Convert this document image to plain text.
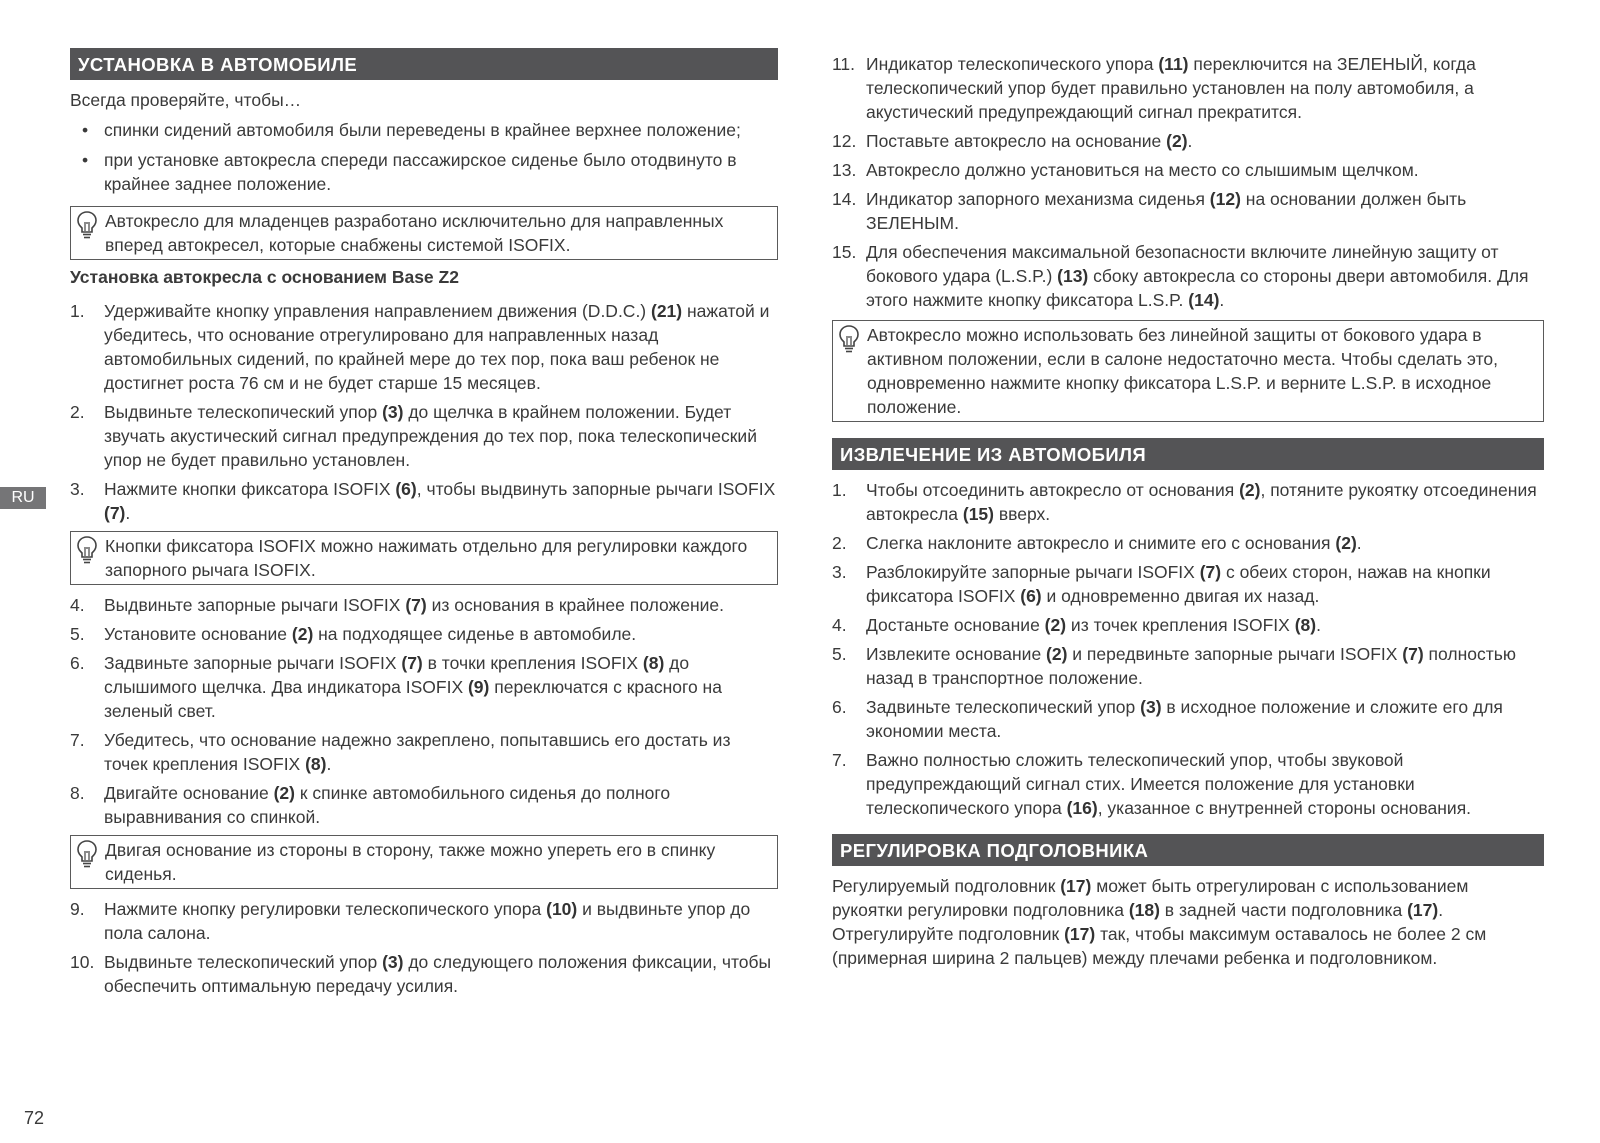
RU
72
УСТАНОВКА В АВТОМОБИЛЕ

Всегда проверяйте, чтобы…

• спинки сидений автомобиля были переведены в крайнее верхнее положение;
• при установке автокресла спереди пассажирское сиденье было отодвинуто в крайнее заднее положение.
Автокресло для младенцев разработано исключительно для направленных вперед автокресел, которые снабжены системой ISOFIX.

Установка автокресла с основанием Base Z2

1. Удерживайте кнопку управления направлением движения (D.D.C.) (21) нажатой и убедитесь, что основание отрегулировано для направленных назад автомобильных сидений, по крайней мере до тех пор, пока ваш ребенок не достигнет роста 76 см и не будет старше 15 месяцев.
2. Выдвиньте телескопический упор (3) до щелчка в крайнем положении. Будет звучать акустический сигнал предупреждения до тех пор, пока телескопический упор не будет правильно установлен.
3. Нажмите кнопки фиксатора ISOFIX (6), чтобы выдвинуть запорные рычаги ISOFIX (7).
Кнопки фиксатора ISOFIX можно нажимать отдельно для регулировки каждого запорного рычага ISOFIX.
4. Выдвиньте запорные рычаги ISOFIX (7) из основания в крайнее положение.
5. Установите основание (2) на подходящее сиденье в автомобиле.
6. Задвиньте запорные рычаги ISOFIX (7) в точки крепления ISOFIX (8) до слышимого щелчка. Два индикатора ISOFIX (9) переключатся с красного на зеленый свет.
7. Убедитесь, что основание надежно закреплено, попытавшись его достать из точек крепления ISOFIX (8).
8. Двигайте основание (2) к спинке автомобильного сиденья до полного выравнивания со спинкой.
Двигая основание из стороны в сторону, также можно упереть его в спинку сиденья.
9. Нажмите кнопку регулировки телескопического упора (10) и выдвиньте упор до пола салона.
10. Выдвиньте телескопический упор (3) до следующего положения фиксации, чтобы обеспечить оптимальную передачу усилия.
11. Индикатор телескопического упора (11) переключится на ЗЕЛЕНЫЙ, когда телескопический упор будет правильно установлен на полу автомобиля, а акустический предупреждающий сигнал прекратится.
12. Поставьте автокресло на основание (2).
13. Автокресло должно установиться на место со слышимым щелчком.
14. Индикатор запорного механизма сиденья (12) на основании должен быть ЗЕЛЕНЫМ.
15. Для обеспечения максимальной безопасности включите линейную защиту от бокового удара (L.S.P.) (13) сбоку автокресла со стороны двери автомобиля. Для этого нажмите кнопку фиксатора L.S.P. (14).
Автокресло можно использовать без линейной защиты от бокового удара в активном положении, если в салоне недостаточно места. Чтобы сделать это, одновременно нажмите кнопку фиксатора L.S.P. и верните L.S.P. в исходное положение.
ИЗВЛЕЧЕНИЕ ИЗ АВТОМОБИЛЯ
1. Чтобы отсоединить автокресло от основания (2), потяните рукоятку отсоединения автокресла (15) вверх.
2. Слегка наклоните автокресло и снимите его с основания (2).
3. Разблокируйте запорные рычаги ISOFIX (7) с обеих сторон, нажав на кнопки фиксатора ISOFIX (6) и одновременно двигая их назад.
4. Достаньте основание (2) из точек крепления ISOFIX (8).
5. Извлеките основание (2) и передвиньте запорные рычаги ISOFIX (7) полностью назад в транспортное положение.
6. Задвиньте телескопический упор (3) в исходное положение и сложите его для экономии места.
7. Важно полностью сложить телескопический упор, чтобы звуковой предупреждающий сигнал стих. Имеется положение для установки телескопического упора (16), указанное с внутренней стороны основания.
РЕГУЛИРОВКА ПОДГОЛОВНИКА

Регулируемый подголовник (17) может быть отрегулирован с использованием рукоятки регулировки подголовника (18) в задней части подголовника (17). Отрегулируйте подголовник (17) так, чтобы максимум оставалось не более 2 см (примерная ширина 2 пальцев) между плечами ребенка и подголовником.
